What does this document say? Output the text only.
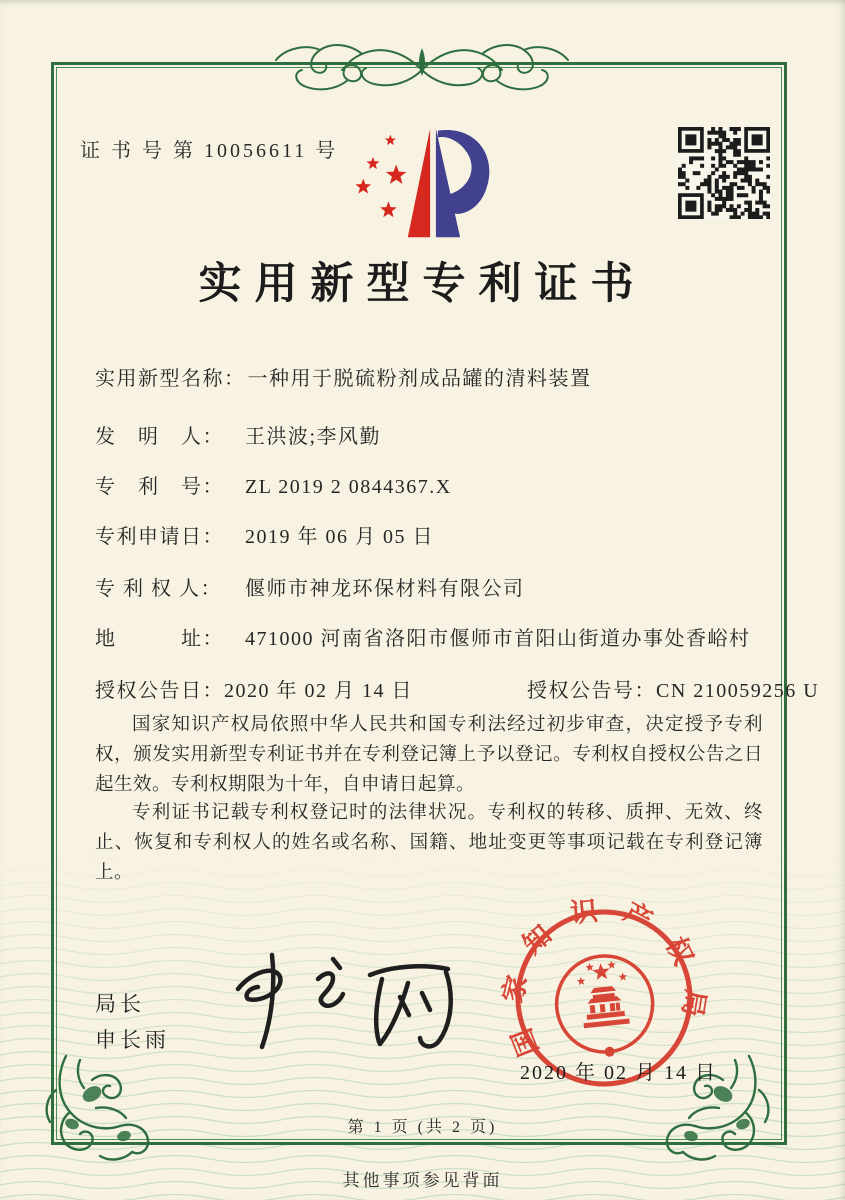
证 书 号 第 10056611 号
实用新型专利证书
实用新型名称： 一种用于脱硫粉剂成品罐的清料装置
发　明　人： 王洪波;李风勤
专　利　号： ZL 2019 2 0844367.X
专利申请日： 2019 年 06 月 05 日
专 利 权 人： 偃师市神龙环保材料有限公司
地　　　址： 471000 河南省洛阳市偃师市首阳山街道办事处香峪村
授权公告日：2020 年 02 月 14 日	授权公告号：CN 210059256 U
国家知识产权局依照中华人民共和国专利法经过初步审查，决定授予专利权，颁发实用新型专利证书并在专利登记簿上予以登记。专利权自授权公告之日起生效。专利权期限为十年，自申请日起算。
专利证书记载专利权登记时的法律状况。专利权的转移、质押、无效、终止、恢复和专利权人的姓名或名称、国籍、地址变更等事项记载在专利登记簿上。
局长
申长雨	国家知识产权局
2020 年 02 月 14 日
第 1 页 (共 2 页)
其他事项参见背面
